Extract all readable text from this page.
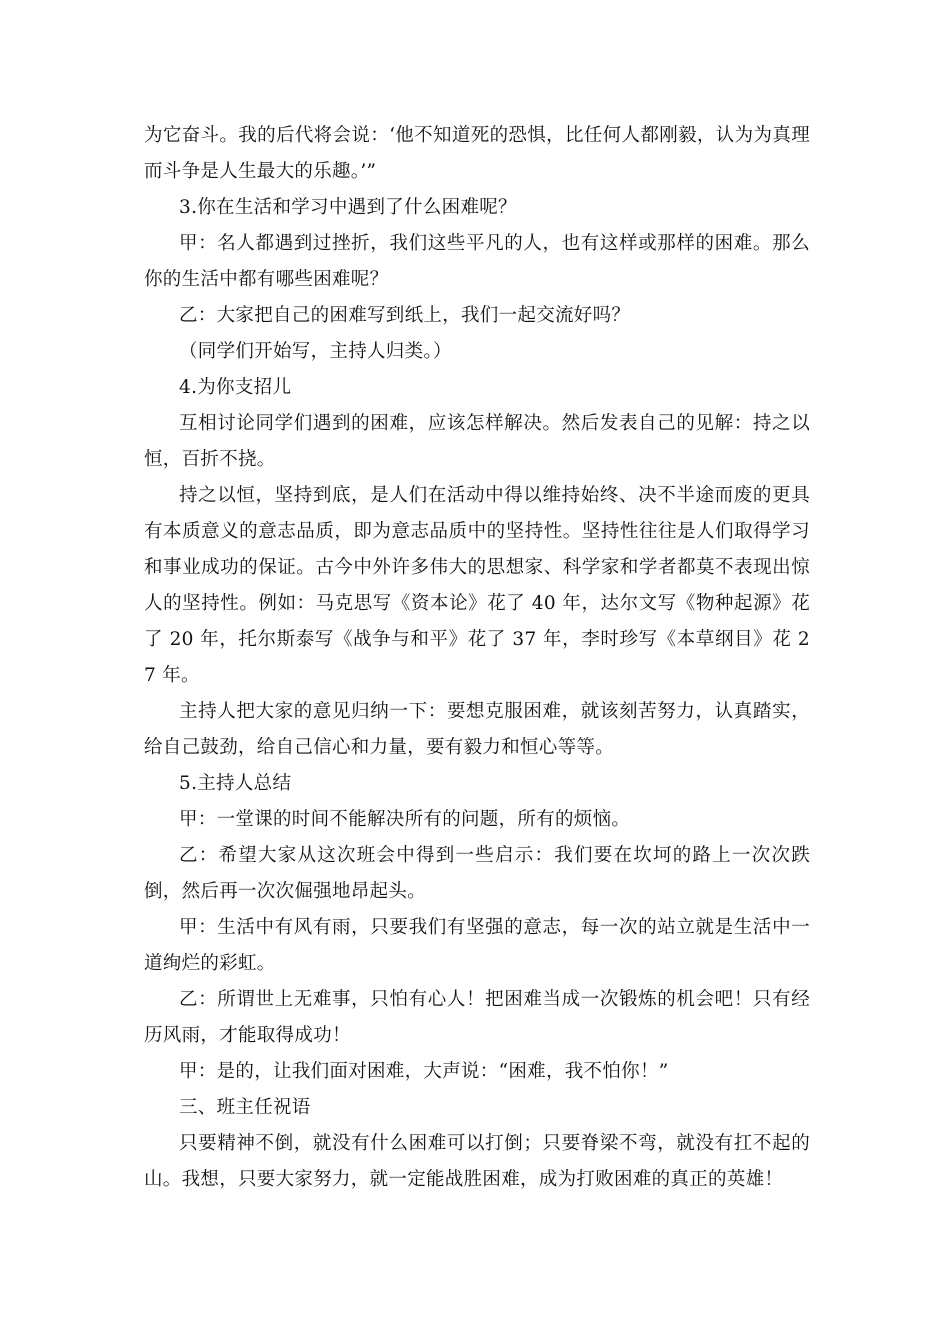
为它奋斗。我的后代将会说：‘他不知道死的恐惧，比任何人都刚毅，认为为真理而斗争是人生最大的乐趣。’”

3.你在生活和学习中遇到了什么困难呢？

甲：名人都遇到过挫折，我们这些平凡的人，也有这样或那样的困难。那么你的生活中都有哪些困难呢？

乙：大家把自己的困难写到纸上，我们一起交流好吗？

（同学们开始写，主持人归类。）

4.为你支招儿

互相讨论同学们遇到的困难，应该怎样解决。然后发表自己的见解：持之以恒，百折不挠。

持之以恒，坚持到底，是人们在活动中得以维持始终、决不半途而废的更具有本质意义的意志品质，即为意志品质中的坚持性。坚持性往往是人们取得学习和事业成功的保证。古今中外许多伟大的思想家、科学家和学者都莫不表现出惊人的坚持性。例如：马克思写《资本论》花了 40 年，达尔文写《物种起源》花了 20 年，托尔斯泰写《战争与和平》花了 37 年，李时珍写《本草纲目》花 27 年。

主持人把大家的意见归纳一下：要想克服困难，就该刻苦努力，认真踏实，给自己鼓劲，给自己信心和力量，要有毅力和恒心等等。

5.主持人总结

甲：一堂课的时间不能解决所有的问题，所有的烦恼。

乙：希望大家从这次班会中得到一些启示：我们要在坎坷的路上一次次跌倒，然后再一次次倔强地昂起头。

甲：生活中有风有雨，只要我们有坚强的意志，每一次的站立就是生活中一道绚烂的彩虹。

乙：所谓世上无难事，只怕有心人！把困难当成一次锻炼的机会吧！只有经历风雨，才能取得成功！

甲：是的，让我们面对困难，大声说：“困难，我不怕你！”

三、班主任祝语

只要精神不倒，就没有什么困难可以打倒；只要脊梁不弯，就没有扛不起的山。我想，只要大家努力，就一定能战胜困难，成为打败困难的真正的英雄！
